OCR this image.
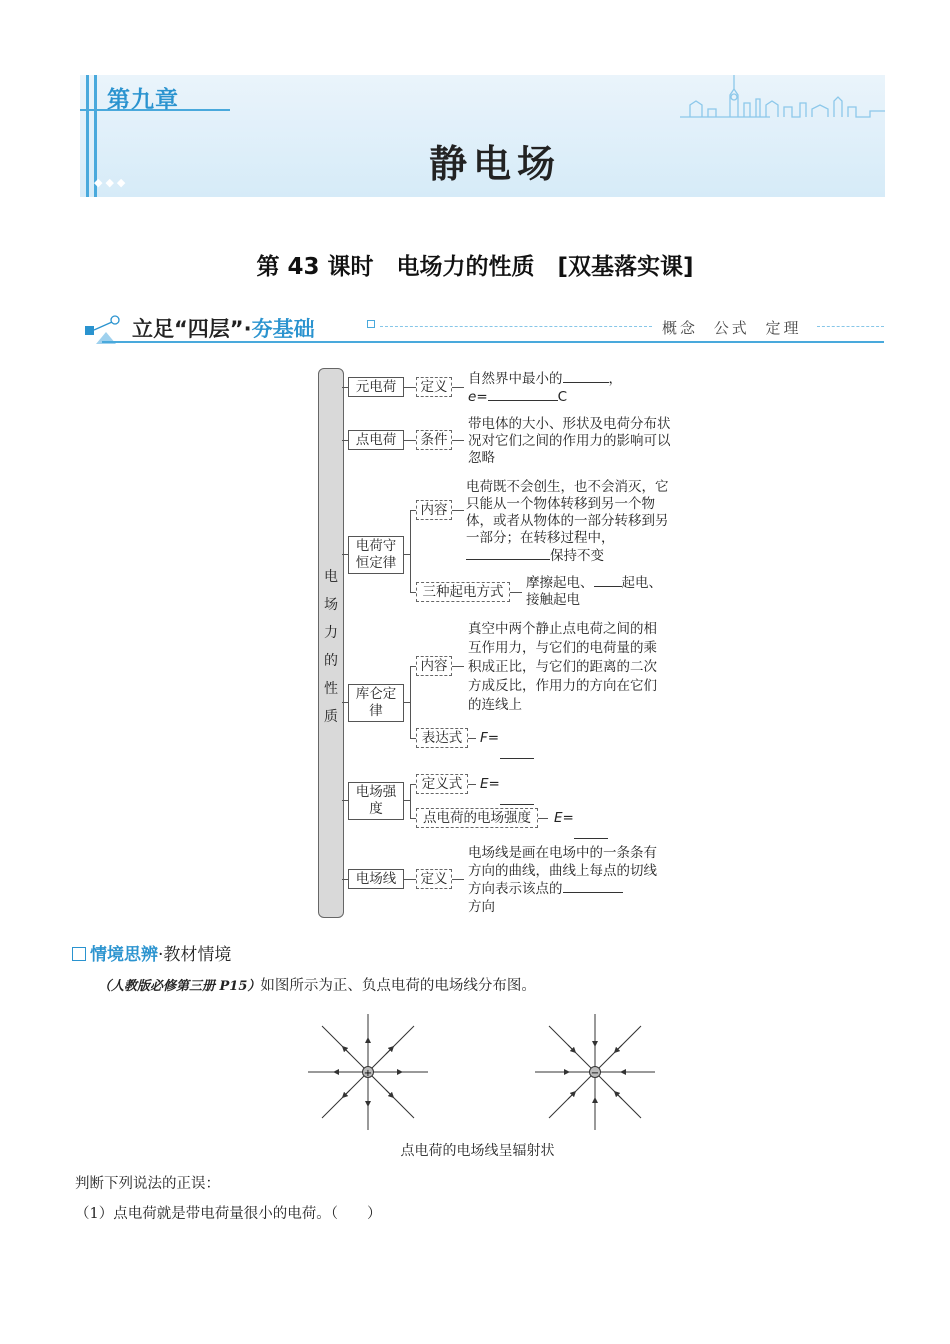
第九章
静电场
◆◆◆
第 43 课时　电场力的性质　[双基落实课]
立足“四层”·夯基础	概念 公式 定理
电
场
力
的
性
质
元电荷	定义	自然界中最小的	，
e=	C
点电荷	条件
带电体的大小、形状及电荷分布状况对它们之间的作用力的影响可以忽略
电荷守恒定律
内容
电荷既不会创生，也不会消灭，它只能从一个物体转移到另一个物体，或者从物体的一部分转移到另一部分；在转移过程中，保持不变
三种起电方式
摩擦起电、 起电、
接触起电
库仑定律
内容
真空中两个静止点电荷之间的相互作用力，与它们的电荷量的乘积成正比，与它们的距离的二次方成反比，作用力的方向在它们的连线上
表达式	F=

电场强度
定义式	E=

点电荷的电场强度	E=

电场线	定义
电场线是画在电场中的一条条有方向的曲线，曲线上每点的切线方向表示该点的
方向
情境思辨·教材情境
（人教版必修第三册 P15）如图所示为正、负点电荷的电场线分布图。
+	−
点电荷的电场线呈辐射状
判断下列说法的正误：
（1）点电荷就是带电荷量很小的电荷。（　　）
